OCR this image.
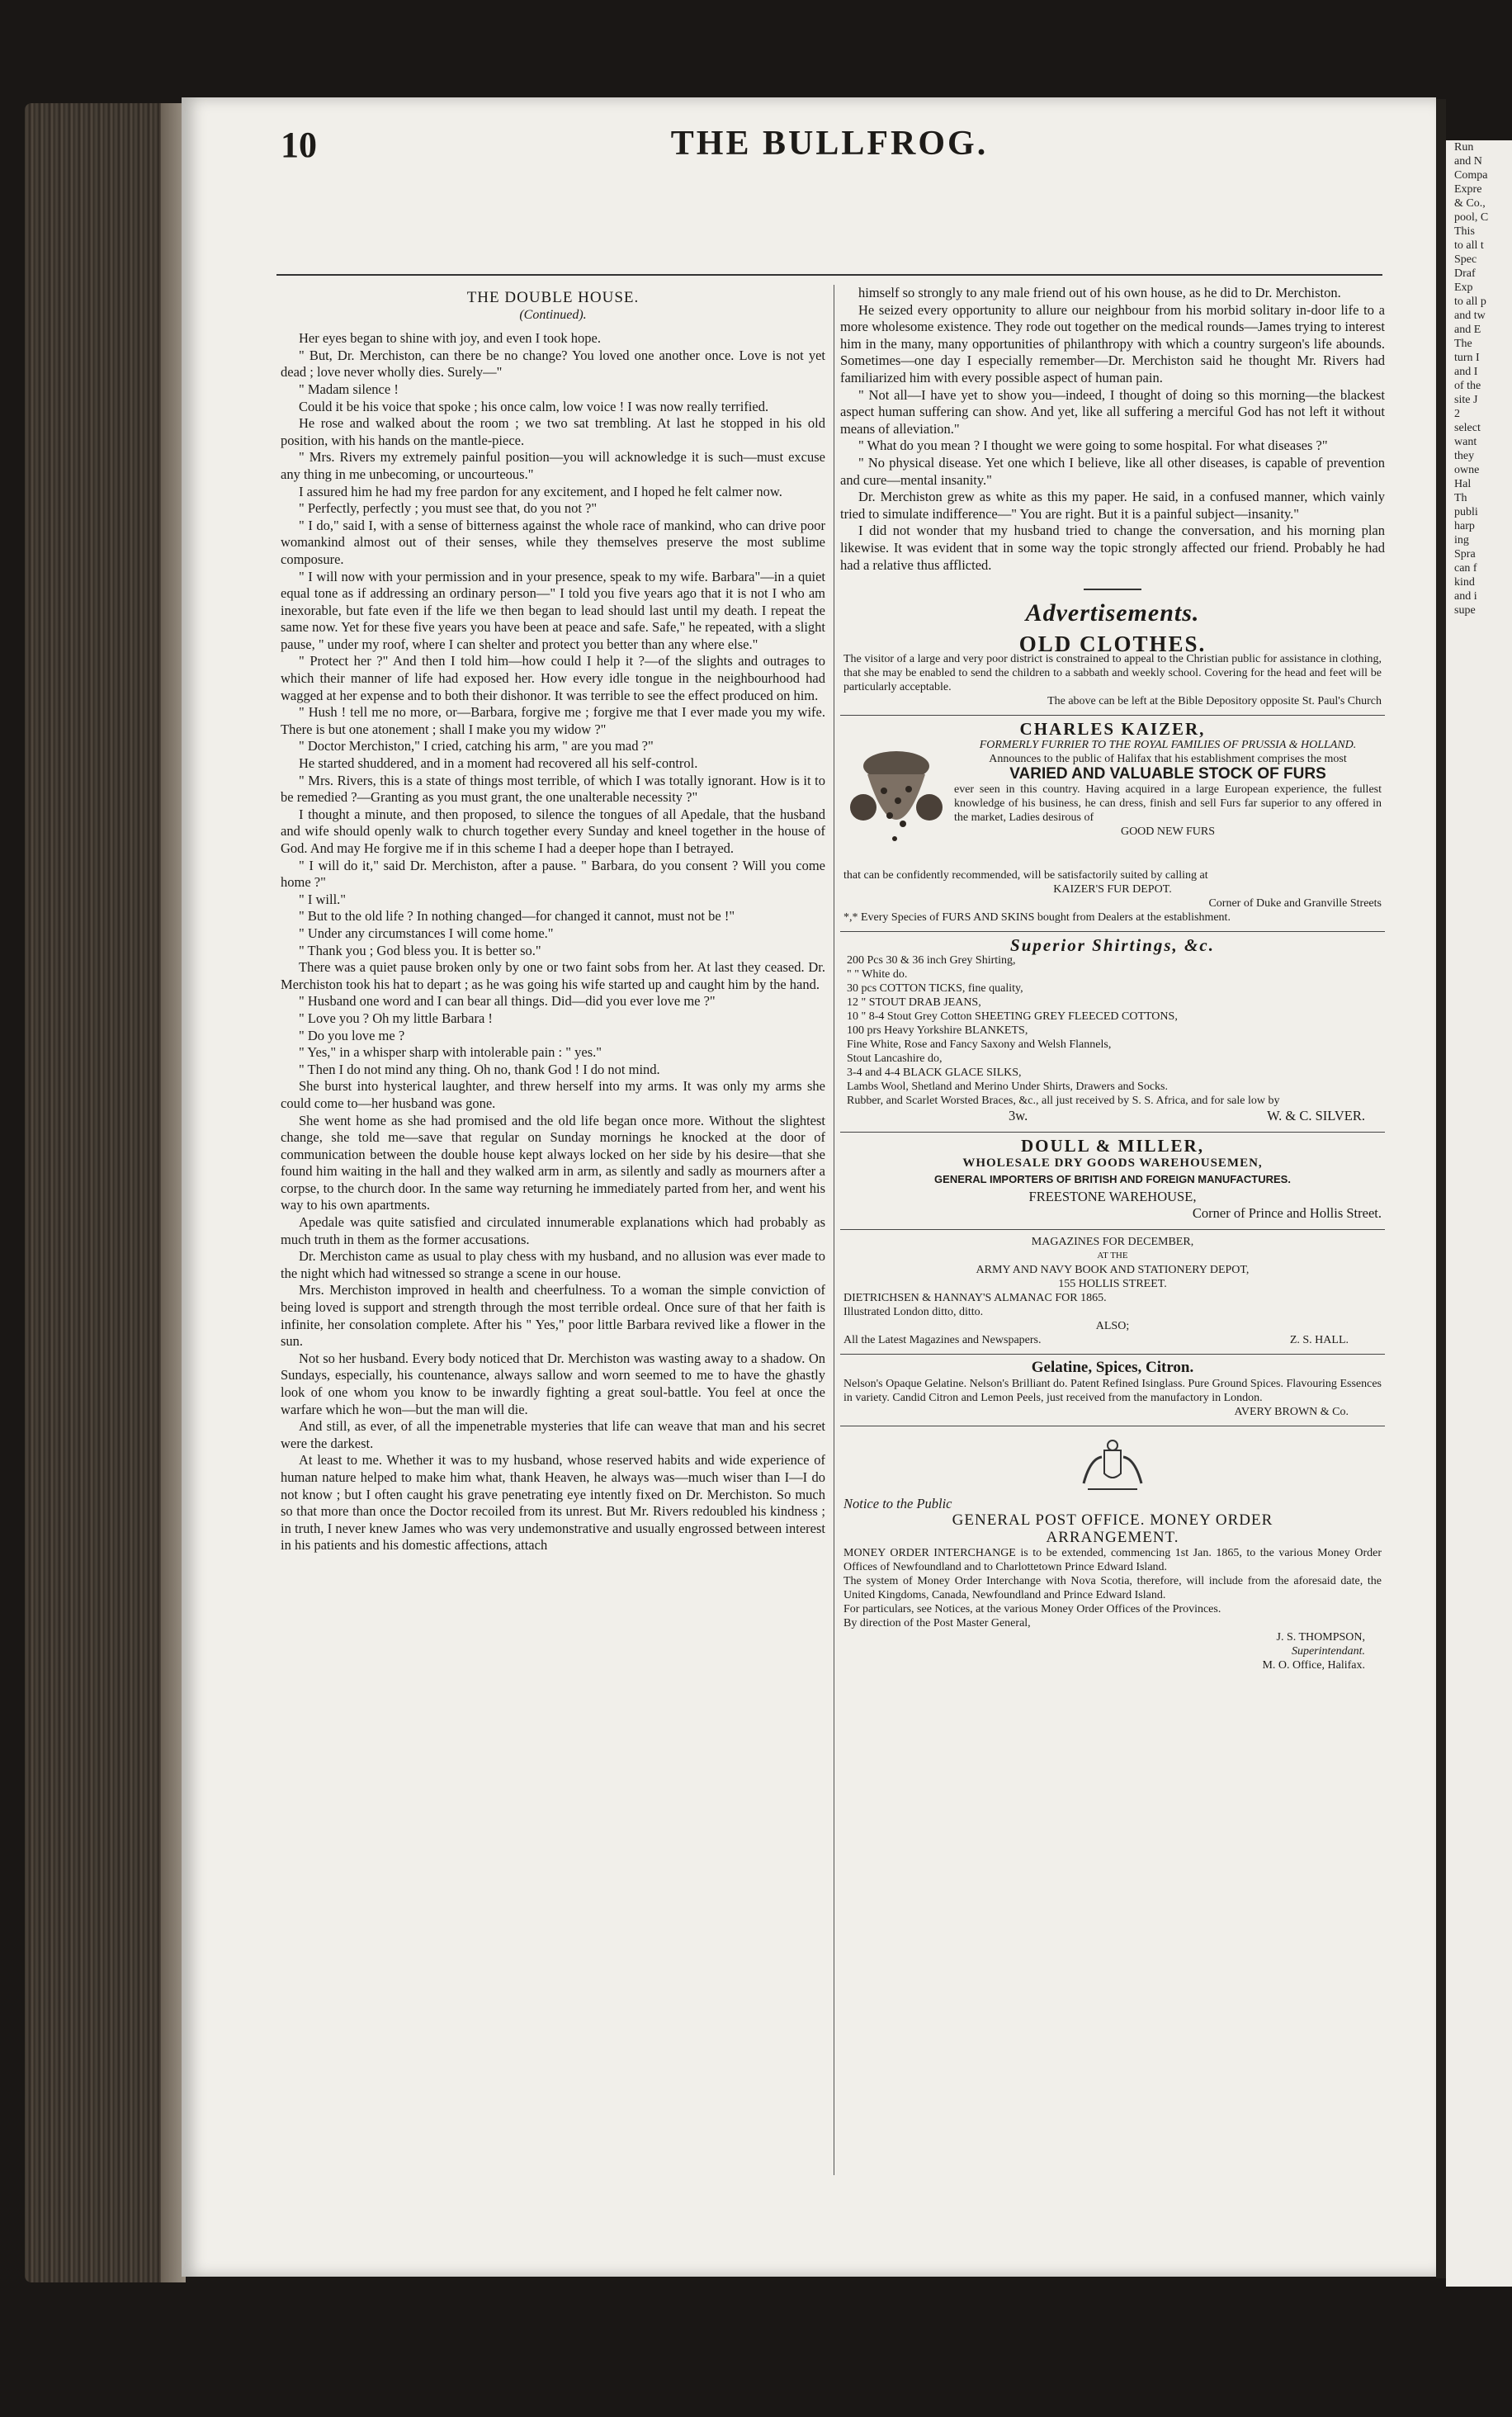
Run
and N
Compa
Expre
& Co.,
pool, C
This
to all t
Spec
Draf
Exp
to all p
and tw
and E
The
turn I
and I
of the
site J
2
select
want
they
owne
Hal
Th
publi
harp
ing
Spra
can f
kind
and i
supe
10	THE BULLFROG.
THE DOUBLE HOUSE.
(Continued).

Her eyes began to shine with joy, and even I took hope.

" But, Dr. Merchiston, can there be no change? You loved one another once. Love is not yet dead ; love never wholly dies. Surely—"

" Madam silence !

Could it be his voice that spoke ; his once calm, low voice ! I was now really terrified.

He rose and walked about the room ; we two sat trembling. At last he stopped in his old position, with his hands on the mantle-piece.

" Mrs. Rivers my extremely painful position—you will acknowledge it is such—must excuse any thing in me unbecoming, or uncourteous."

I assured him he had my free pardon for any excitement, and I hoped he felt calmer now.

" Perfectly, perfectly ; you must see that, do you not ?"

" I do," said I, with a sense of bitterness against the whole race of mankind, who can drive poor womankind almost out of their senses, while they themselves preserve the most sublime composure.

" I will now with your permission and in your presence, speak to my wife. Barbara"—in a quiet equal tone as if addressing an ordinary person—" I told you five years ago that it is not I who am inexorable, but fate even if the life we then began to lead should last until my death. I repeat the same now. Yet for these five years you have been at peace and safe. Safe," he repeated, with a slight pause, " under my roof, where I can shelter and protect you better than any where else."

" Protect her ?" And then I told him—how could I help it ?—of the slights and outrages to which their manner of life had exposed her. How every idle tongue in the neighbourhood had wagged at her expense and to both their dishonor. It was terrible to see the effect produced on him.

" Hush ! tell me no more, or—Barbara, forgive me ; forgive me that I ever made you my wife. There is but one atonement ; shall I make you my widow ?"

" Doctor Merchiston," I cried, catching his arm, " are you mad ?"

He started shuddered, and in a moment had recovered all his self-control.

" Mrs. Rivers, this is a state of things most terrible, of which I was totally ignorant. How is it to be remedied ?—Granting as you must grant, the one unalterable necessity ?"

I thought a minute, and then proposed, to silence the tongues of all Apedale, that the husband and wife should openly walk to church together every Sunday and kneel together in the house of God. And may He forgive me if in this scheme I had a deeper hope than I betrayed.

" I will do it," said Dr. Merchiston, after a pause. " Barbara, do you consent ? Will you come home ?"

" I will."

" But to the old life ? In nothing changed—for changed it cannot, must not be !"

" Under any circumstances I will come home."

" Thank you ; God bless you. It is better so."

There was a quiet pause broken only by one or two faint sobs from her. At last they ceased. Dr. Merchiston took his hat to depart ; as he was going his wife started up and caught him by the hand.

" Husband one word and I can bear all things. Did—did you ever love me ?"

" Love you ? Oh my little Barbara !

" Do you love me ?

" Yes," in a whisper sharp with intolerable pain : " yes."

" Then I do not mind any thing. Oh no, thank God ! I do not mind.

She burst into hysterical laughter, and threw herself into my arms. It was only my arms she could come to—her husband was gone.

She went home as she had promised and the old life began once more. Without the slightest change, she told me—save that regular on Sunday mornings he knocked at the door of communication between the double house kept always locked on her side by his desire—that she found him waiting in the hall and they walked arm in arm, as silently and sadly as mourners after a corpse, to the church door. In the same way returning he immediately parted from her, and went his way to his own apartments.

Apedale was quite satisfied and circulated innumerable explanations which had probably as much truth in them as the former accusations.

Dr. Merchiston came as usual to play chess with my husband, and no allusion was ever made to the night which had witnessed so strange a scene in our house.

Mrs. Merchiston improved in health and cheerfulness. To a woman the simple conviction of being loved is support and strength through the most terrible ordeal. Once sure of that her faith is infinite, her consolation complete. After his " Yes," poor little Barbara revived like a flower in the sun.

Not so her husband. Every body noticed that Dr. Merchiston was wasting away to a shadow. On Sundays, especially, his countenance, always sallow and worn seemed to me to have the ghastly look of one whom you know to be inwardly fighting a great soul-battle. You feel at once the warfare which he won—but the man will die.

And still, as ever, of all the impenetrable mysteries that life can weave that man and his secret were the darkest.

At least to me. Whether it was to my husband, whose reserved habits and wide experience of human nature helped to make him what, thank Heaven, he always was—much wiser than I—I do not know ; but I often caught his grave penetrating eye intently fixed on Dr. Merchiston. So much so that more than once the Doctor recoiled from its unrest. But Mr. Rivers redoubled his kindness ; in truth, I never knew James who was very undemonstrative and usually engrossed between interest in his patients and his domestic affections, attach

himself so strongly to any male friend out of his own house, as he did to Dr. Merchiston.

He seized every opportunity to allure our neighbour from his morbid solitary in-door life to a more wholesome existence. They rode out together on the medical rounds—James trying to interest him in the many, many opportunities of philanthropy with which a country surgeon's life abounds. Sometimes—one day I especially remember—Dr. Merchiston said he thought Mr. Rivers had familiarized him with every possible aspect of human pain.

" Not all—I have yet to show you—indeed, I thought of doing so this morning—the blackest aspect human suffering can show. And yet, like all suffering a merciful God has not left it without means of alleviation."

" What do you mean ? I thought we were going to some hospital. For what diseases ?"

" No physical disease. Yet one which I believe, like all other diseases, is capable of prevention and cure—mental insanity."

Dr. Merchiston grew as white as this my paper. He said, in a confused manner, which vainly tried to simulate indifference—" You are right. But it is a painful subject—insanity."

I did not wonder that my husband tried to change the conversation, and his morning plan likewise. It was evident that in some way the topic strongly affected our friend. Probably he had had a relative thus afflicted.

Advertisements.
OLD CLOTHES.
The visitor of a large and very poor district is constrained to appeal to the Christian public for assistance in clothing, that she may be enabled to send the children to a sabbath and weekly school. Covering for the head and feet will be particularly acceptable.
The above can be left at the Bible Depository opposite St. Paul's Church
CHARLES KAIZER,
FORMERLY FURRIER TO THE ROYAL FAMILIES OF PRUSSIA & HOLLAND.
Announces to the public of Halifax that his establishment comprises the most
VARIED AND VALUABLE STOCK OF FURS
ever seen in this country. Having acquired in a large European experience, the fullest knowledge of his business, he can dress, finish and sell Furs far superior to any offered in the market, Ladies desirous of
GOOD NEW FURS
that can be confidently recommended, will be satisfactorily suited by calling at
KAIZER'S FUR DEPOT.
Corner of Duke and Granville Streets
*,* Every Species of FURS AND SKINS bought from Dealers at the establishment.
Superior Shirtings, &c.
200 Pcs 30 & 36 inch Grey Shirting,
" " White do.
30 pcs COTTON TICKS, fine quality,
12 " STOUT DRAB JEANS,
10 " 8-4 Stout Grey Cotton SHEETING GREY FLEECED COTTONS,
100 prs Heavy Yorkshire BLANKETS,
Fine White, Rose and Fancy Saxony and Welsh Flannels,
Stout Lancashire do,
3-4 and 4-4 BLACK GLACE SILKS,
Lambs Wool, Shetland and Merino Under Shirts, Drawers and Socks.
Rubber, and Scarlet Worsted Braces, &c., all just received by S. S. Africa, and for sale low by
3w.	W. & C. SILVER.
DOULL & MILLER,
WHOLESALE DRY GOODS WAREHOUSEMEN,
GENERAL IMPORTERS OF BRITISH AND FOREIGN MANUFACTURES.
FREESTONE WAREHOUSE,
Corner of Prince and Hollis Street.
MAGAZINES FOR DECEMBER,
AT THE
ARMY AND NAVY BOOK AND STATIONERY DEPOT,
155 HOLLIS STREET.
DIETRICHSEN & HANNAY'S ALMANAC FOR 1865.
Illustrated London ditto, ditto.
ALSO;
All the Latest Magazines and Newspapers.	Z. S. HALL.
Gelatine, Spices, Citron.
Nelson's Opaque Gelatine. Nelson's Brilliant do. Patent Refined Isinglass. Pure Ground Spices. Flavouring Essences in variety. Candid Citron and Lemon Peels, just received from the manufactory in London.
AVERY BROWN & Co.
Notice to the Public
GENERAL POST OFFICE. MONEY ORDER
ARRANGEMENT.
MONEY ORDER INTERCHANGE is to be extended, commencing 1st Jan. 1865, to the various Money Order Offices of Newfoundland and to Charlottetown Prince Edward Island.
The system of Money Order Interchange with Nova Scotia, therefore, will include from the aforesaid date, the United Kingdoms, Canada, Newfoundland and Prince Edward Island.
For particulars, see Notices, at the various Money Order Offices of the Provinces.
By direction of the Post Master General,
J. S. THOMPSON,
Superintendant.
M. O. Office, Halifax.
